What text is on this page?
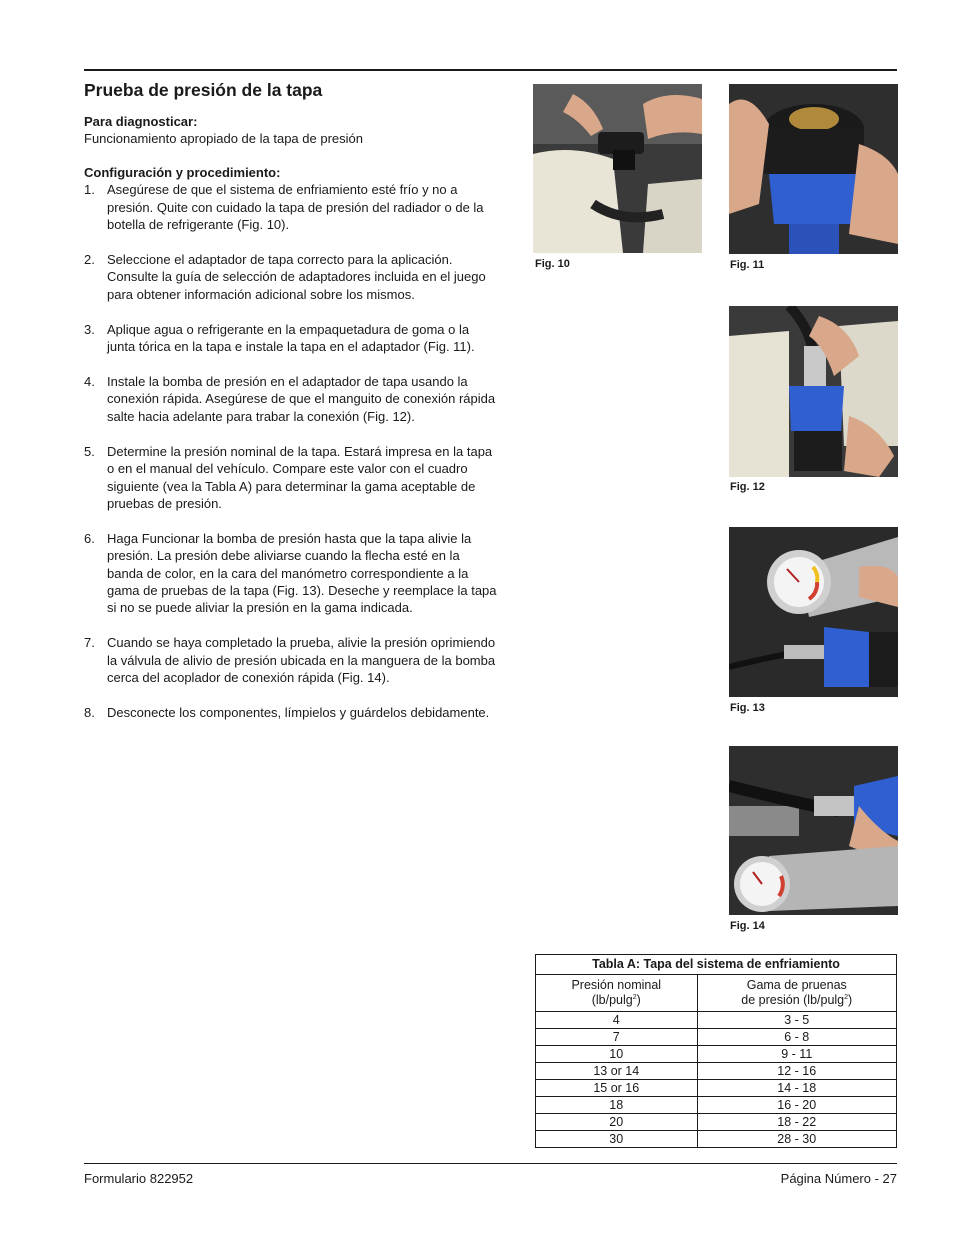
Prueba de presión de la tapa

Para diagnosticar:
Funcionamiento apropiado de la tapa de presión

Configuración y procedimiento:
1. Asegúrese de que el sistema de enfriamiento esté frío y no a presión. Quite con cuidado la tapa de presión del radiador o de la botella de refrigerante (Fig. 10).
2. Seleccione el adaptador de tapa correcto para la aplicación. Consulte la guía de selección de adaptadores incluida en el juego para obtener información adicional sobre los mismos.
3. Aplique agua o refrigerante en la empaquetadura de goma o la junta tórica en la tapa e instale la tapa en el adaptador (Fig. 11).
4. Instale la bomba de presión en el adaptador de tapa usando la conexión rápida. Asegúrese de que el manguito de conexión rápida salte hacia adelante para trabar la conexión (Fig. 12).
5. Determine la presión nominal de la tapa. Estará impresa en la tapa o en el manual del vehículo. Compare este valor con el cuadro siguiente (vea la Tabla A) para determinar la gama aceptable de pruebas de presión.
6. Haga Funcionar la bomba de presión hasta que la tapa alivie la presión. La presión debe aliviarse cuando la flecha esté en la banda de color, en la cara del manómetro correspondiente a la gama de pruebas de la tapa (Fig. 13). Deseche y reemplace la tapa si no se puede aliviar la presión en la gama indicada.
7. Cuando se haya completado la prueba, alivie la presión oprimiendo la válvula de alivio de presión ubicada en la manguera de la bomba cerca del acoplador de conexión rápida (Fig. 14).
8. Desconecte los componentes, límpielos y guárdelos debidamente.
Fig. 10	Fig. 11
Fig. 12
Fig. 13
Fig. 14
Tabla A: Tapa del sistema de enfriamiento	
Presión nominal
(lb/pulg$^2$)	Gama de pruenas
de presión (lb/pulg$^2$)
4	3 - 5
7	6 - 8
10	9 - 11
13 or 14	12 - 16
15 or 16	14 - 18
18	16 - 20
20	18 - 22
30	28 - 30
Formulario 822952	Página Número - 27
